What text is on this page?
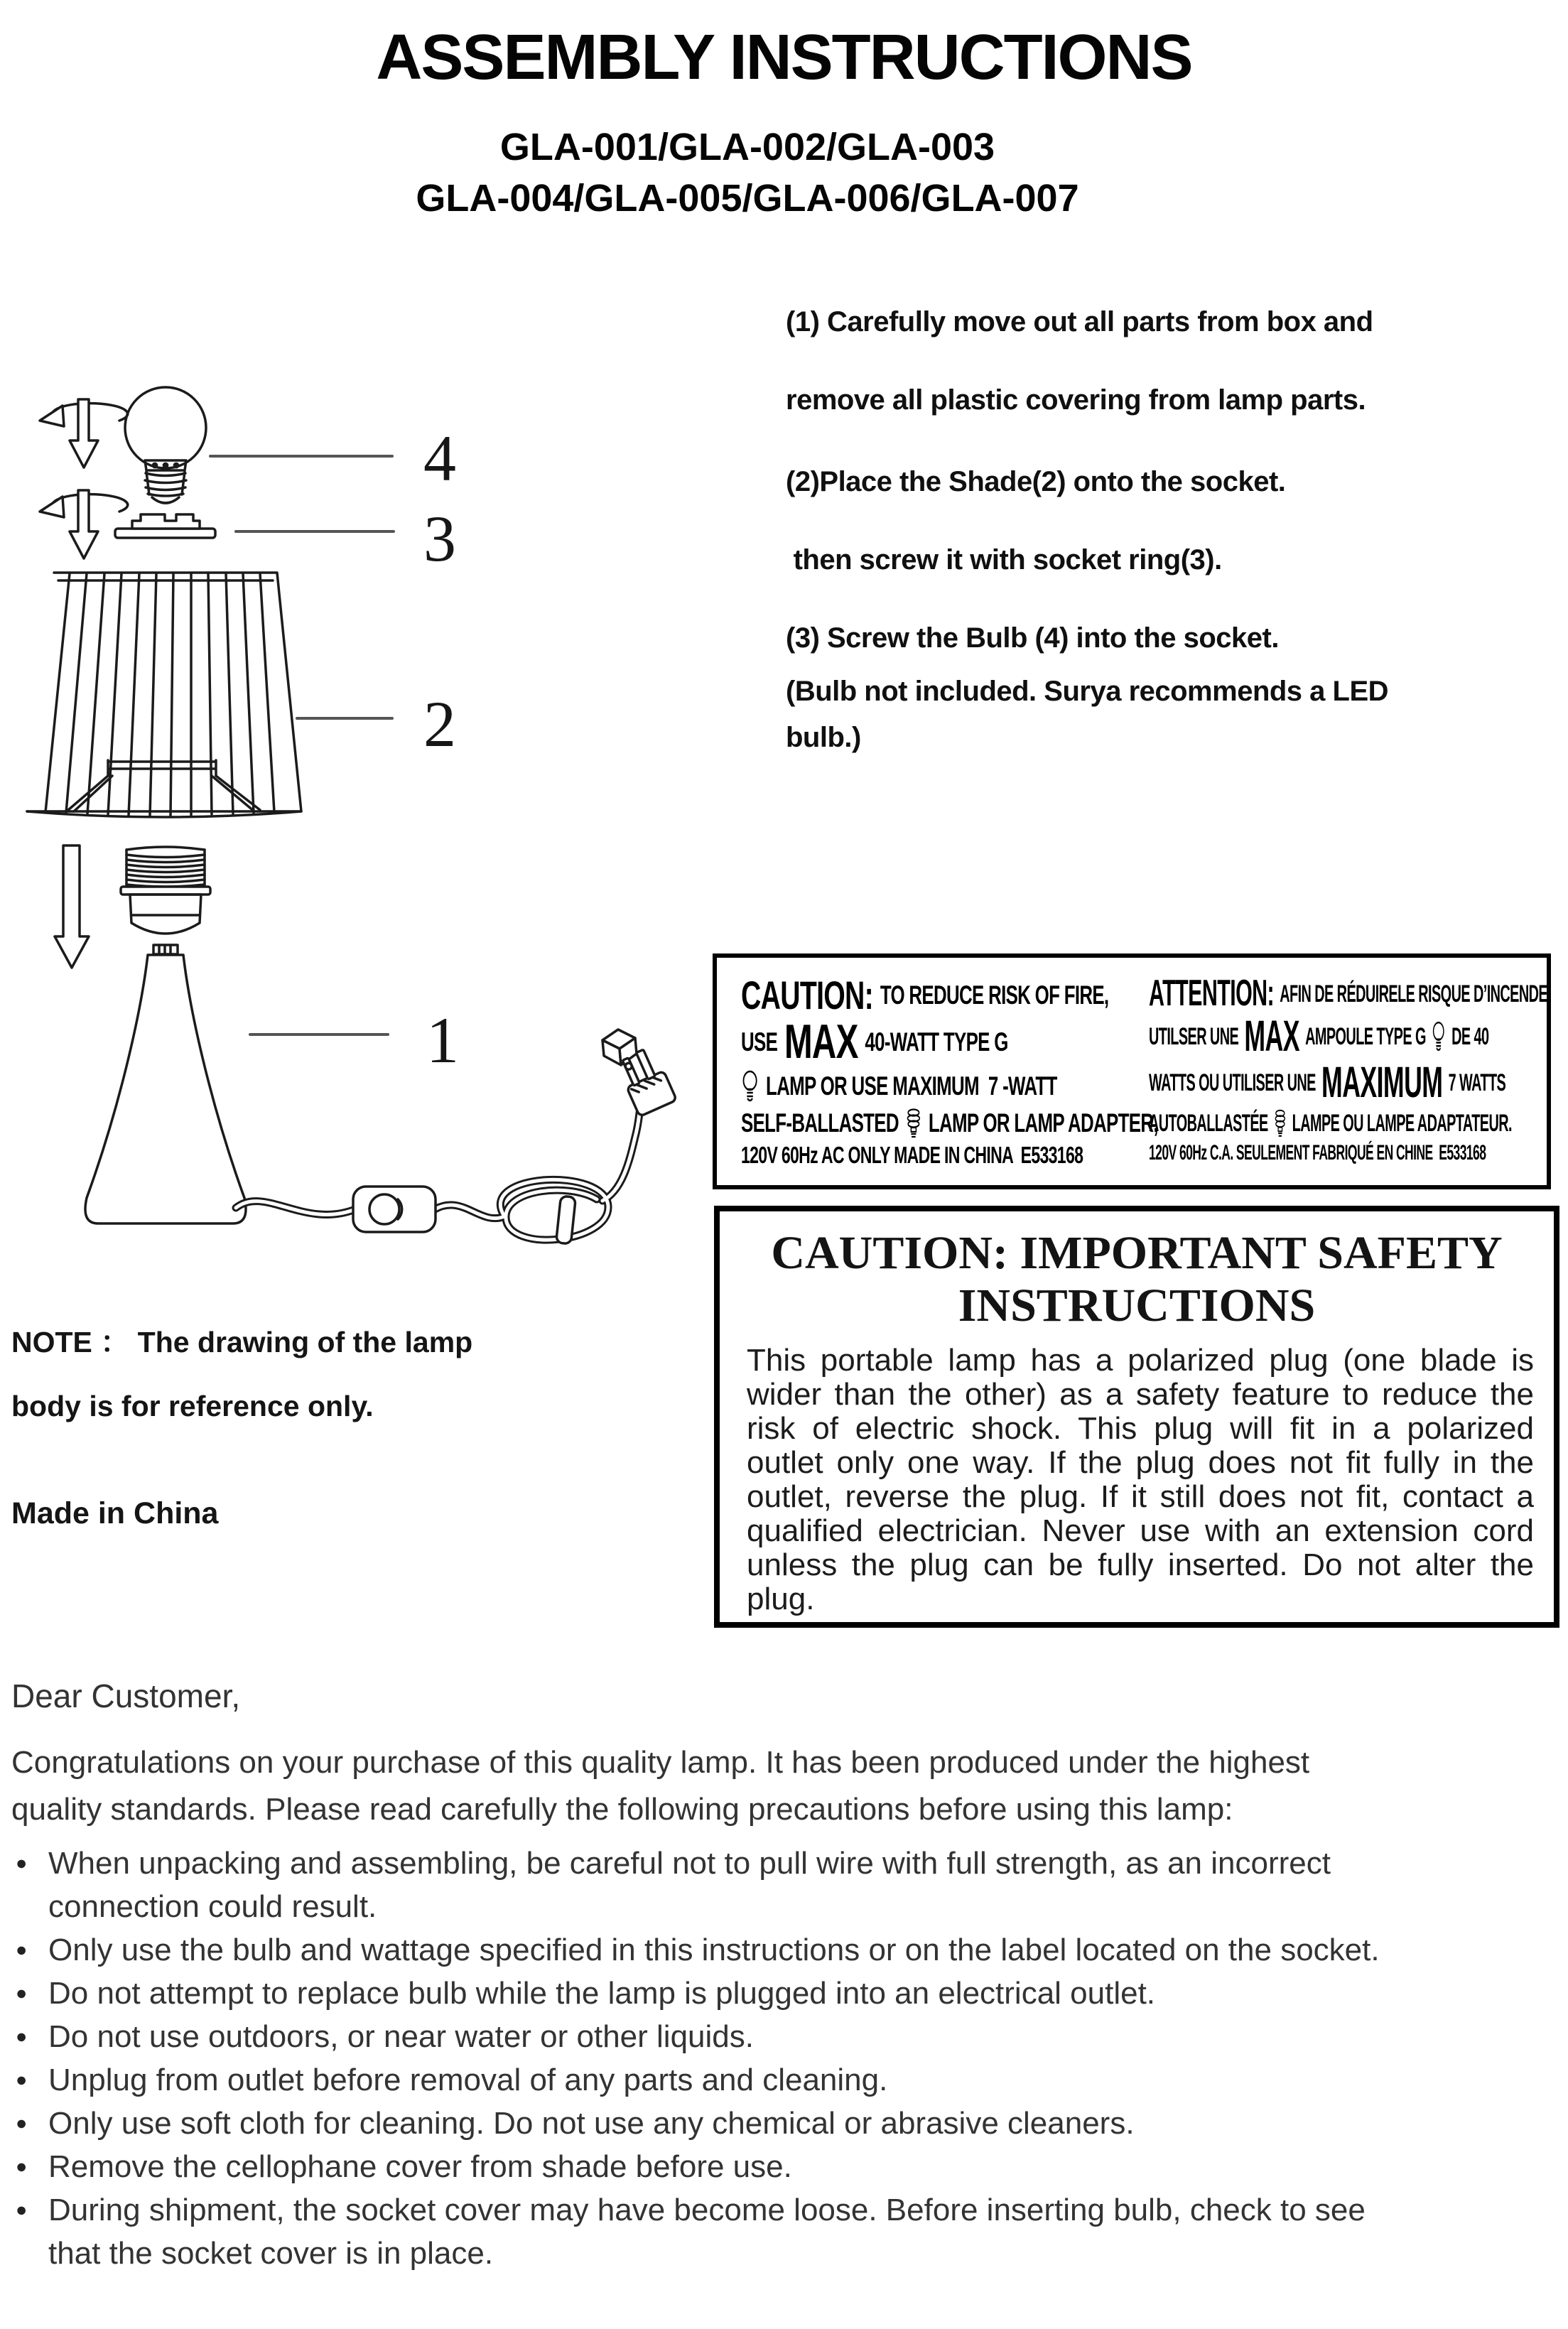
ASSEMBLY INSTRUCTIONS
GLA-001/GLA-002/GLA-003
GLA-004/GLA-005/GLA-006/GLA-007
(1) Carefully move out all parts from box and
remove all plastic covering from lamp parts.
(2)Place the Shade(2) onto the socket.
then screw it with socket ring(3).
(3) Screw the Bulb (4) into the socket.
(Bulb not included. Surya recommends a LED
bulb.)
4
3
2
1
CAUTION: TO REDUCE RISK OF FIRE,
USE MAX 40-WATT TYPE G
LAMP OR USE MAXIMUM  7 -WATT
SELF-BALLASTED LAMP OR LAMP ADAPTER,
120V 60Hz AC ONLY MADE IN CHINA  E533168
ATTENTION: AFIN DE RÉDUIRELE RISQUE D’INCENDE,
UTILSER UNE MAX AMPOULE TYPE G DE 40
WATTS OU UTILISER UNE MAXIMUM 7 WATTS
AUTOBALLASTÉE LAMPE OU LAMPE ADAPTATEUR.
120V 60Hz C.A. SEULEMENT FABRIQUÉ EN CHINE  E533168
CAUTION: IMPORTANT SAFETY
INSTRUCTIONS
This portable lamp has a polarized plug (one blade is wider than the other) as a safety feature to reduce the risk of electric shock. This plug will fit in a polarized outlet only one way. If the plug does not fit fully in the outlet, reverse the plug. If it still does not fit, contact a qualified electrician. Never use with an extension cord unless the plug can be fully inserted. Do not alter the plug.
NOTE ： The drawing of the lamp
body is for reference only.
Made in China
Dear Customer,
Congratulations on your purchase of this quality lamp. It has been produced under the highest quality standards. Please read carefully the following precautions before using this lamp:
● When unpacking and assembling, be careful not to pull wire with full strength, as an incorrect connection could result.
● Only use the bulb and wattage specified in this instructions or on the label located on the socket.
● Do not attempt to replace bulb while the lamp is plugged into an electrical outlet.
● Do not use outdoors, or near water or other liquids.
● Unplug from outlet before removal of any parts and cleaning.
● Only use soft cloth for cleaning. Do not use any chemical or abrasive cleaners.
● Remove the cellophane cover from shade before use.
● During shipment, the socket cover may have become loose. Before inserting bulb, check to see that the socket cover is in place.
